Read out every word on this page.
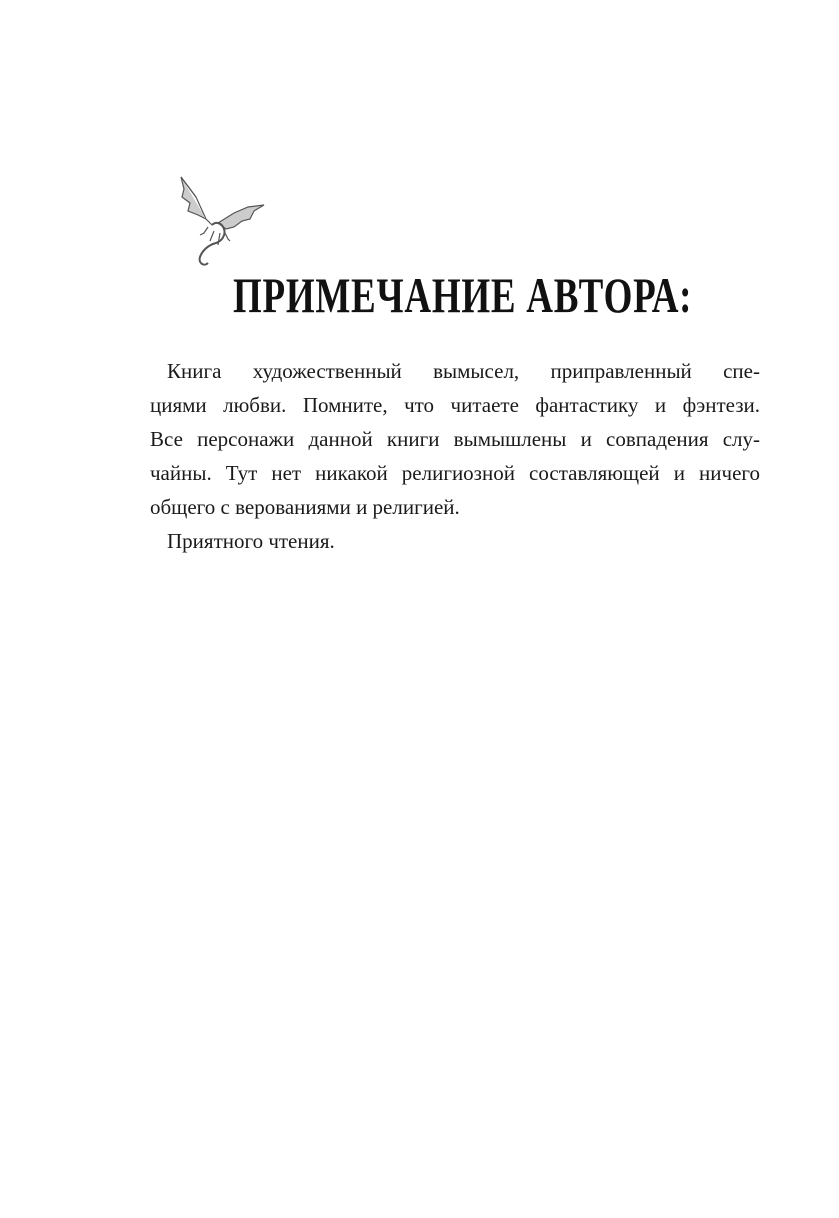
ПРИМЕЧАНИЕ АВТОРА:
Книга художественный вымысел, приправленный спе-
циями любви. Помните, что читаете фантастику и фэнтези.
Все персонажи данной книги вымышлены и совпадения слу-
чайны. Тут нет никакой религиозной составляющей и ничего
общего с верованиями и религией.
Приятного чтения.
